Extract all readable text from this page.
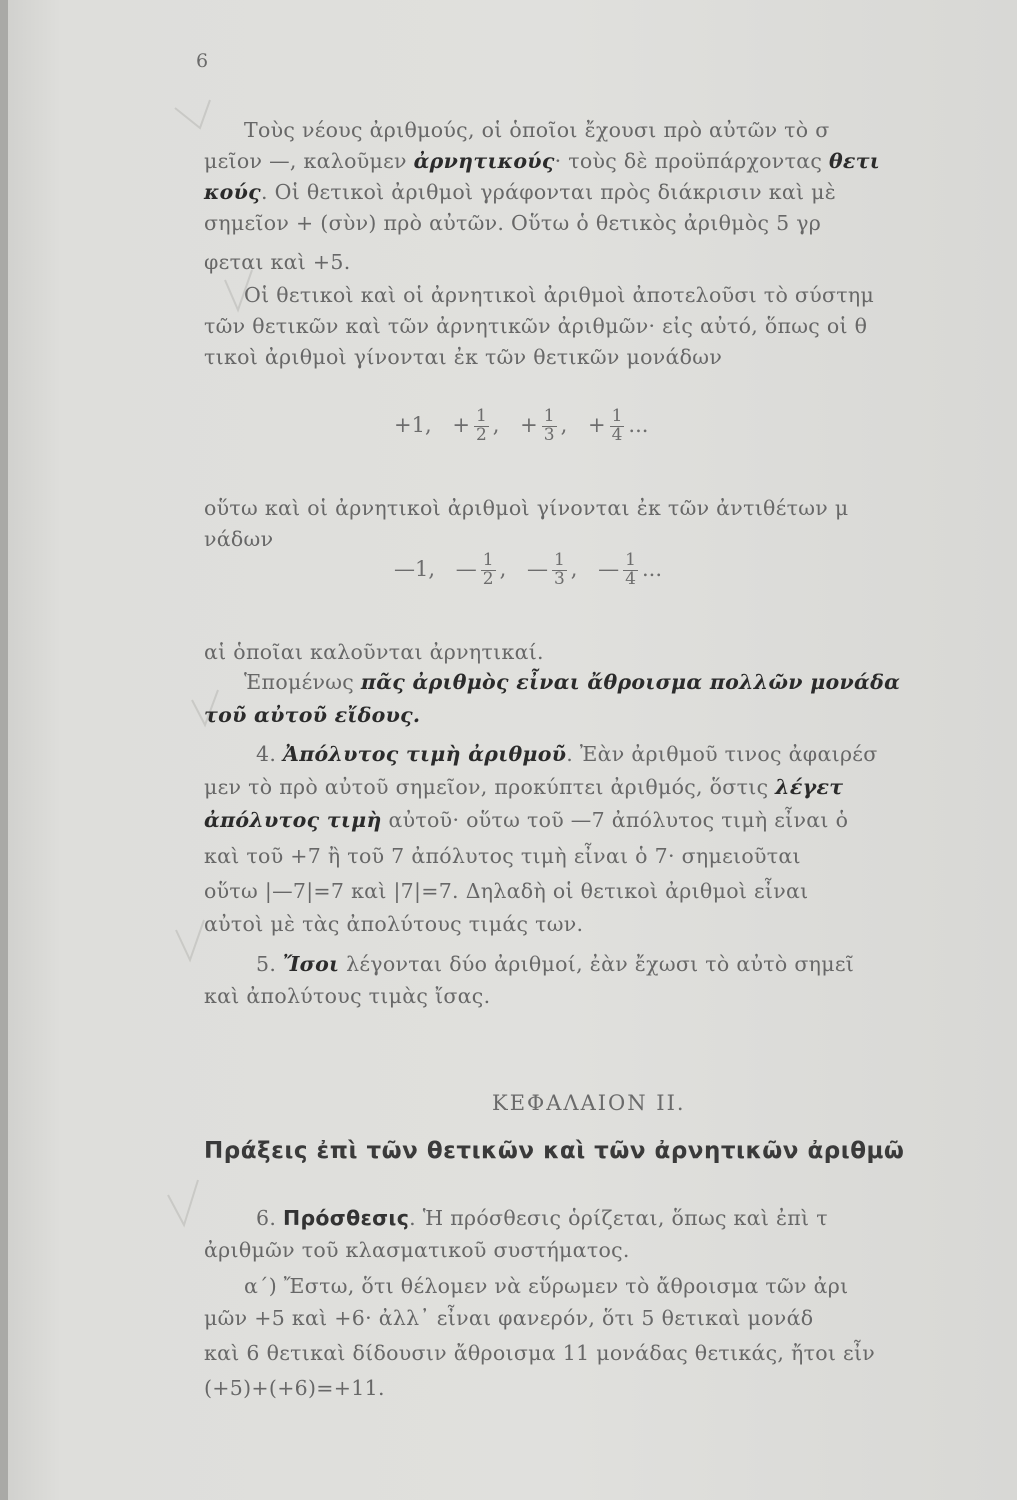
6
Τοὺς νέους ἀριθμούς, οἱ ὁποῖοι ἔχουσι πρὸ αὐτῶν τὸ σ
μεῖον —, καλοῦμεν ἀρνητικούς· τοὺς δὲ προϋπάρχοντας θετι
κούς. Οἱ θετικοὶ ἀριθμοὶ γράφονται πρὸς διάκρισιν καὶ μὲ
σημεῖον + (σὺν) πρὸ αὐτῶν. Οὕτω ὁ θετικὸς ἀριθμὸς 5 γρ
φεται καὶ +5.
Οἱ θετικοὶ καὶ οἱ ἀρνητικοὶ ἀριθμοὶ ἀποτελοῦσι τὸ σύστημ
τῶν θετικῶν καὶ τῶν ἀρνητικῶν ἀριθμῶν· εἰς αὐτό, ὅπως οἱ θ
τικοὶ ἀριθμοὶ γίνονται ἐκ τῶν θετικῶν μονάδων
+1, + $\frac{1}{2}$ , + $\frac{1}{3}$ , + $\frac{1}{4}$ ...
οὕτω καὶ οἱ ἀρνητικοὶ ἀριθμοὶ γίνονται ἐκ τῶν ἀντιθέτων μ
νάδων
—1, — $\frac{1}{2}$ , — $\frac{1}{3}$ , — $\frac{1}{4}$ ...
αἱ ὁποῖαι καλοῦνται ἀρνητικαί.
Ἑπομένως πᾶς ἀριθμὸς εἶναι ἄθροισμα πολλῶν μονάδα
τοῦ αὐτοῦ εἴδους.
4. Ἀπόλυτος τιμὴ ἀριθμοῦ. Ἐὰν ἀριθμοῦ τινος ἀφαιρέσ
μεν τὸ πρὸ αὐτοῦ σημεῖον, προκύπτει ἀριθμός, ὅστις λέγετ
ἀπόλυτος τιμὴ αὐτοῦ· οὕτω τοῦ —7 ἀπόλυτος τιμὴ εἶναι ὁ
καὶ τοῦ +7 ἢ τοῦ 7 ἀπόλυτος τιμὴ εἶναι ὁ 7· σημειοῦται
οὕτω |—7|=7 καὶ |7|=7. Δηλαδὴ οἱ θετικοὶ ἀριθμοὶ εἶναι
αὐτοὶ μὲ τὰς ἀπολύτους τιμάς των.
5. Ἴσοι λέγονται δύο ἀριθμοί, ἐὰν ἔχωσι τὸ αὐτὸ σημεῖ
καὶ ἀπολύτους τιμὰς ἴσας.
ΚΕΦΑΛΑΙΟΝ ΙΙ.
Πράξεις ἐπὶ τῶν θετικῶν καὶ τῶν ἀρνητικῶν ἀριθμῶ
6. Πρόσθεσις. Ἡ πρόσθεσις ὁρίζεται, ὅπως καὶ ἐπὶ τ
ἀριθμῶν τοῦ κλασματικοῦ συστήματος.
α΄) Ἔστω, ὅτι θέλομεν νὰ εὕρωμεν τὸ ἄθροισμα τῶν ἀρι
μῶν +5 καὶ +6· ἀλλ᾽ εἶναι φανερόν, ὅτι 5 θετικαὶ μονάδ
καὶ 6 θετικαὶ δίδουσιν ἄθροισμα 11 μονάδας θετικάς, ἤτοι εἶν
(+5)+(+6)=+11.
